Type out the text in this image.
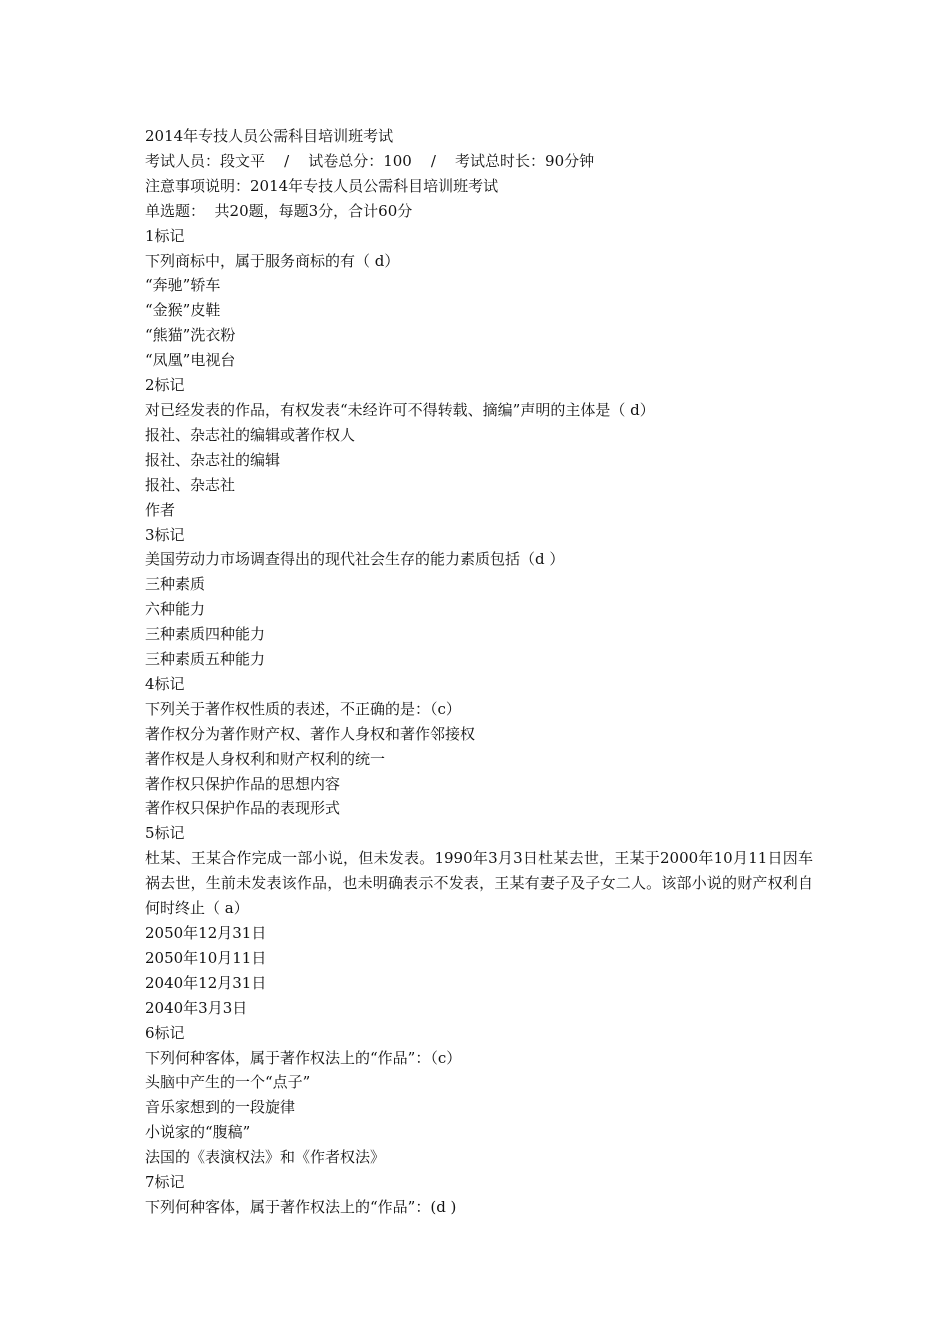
2014年专技人员公需科目培训班考试

考试人员：段文平    /    试卷总分：100    /    考试总时长：90分钟

注意事项说明：2014年专技人员公需科目培训班考试

单选题：  共20题，每题3分，合计60分

1标记

下列商标中，属于服务商标的有（ d）

“奔驰”轿车

“金猴”皮鞋

“熊猫”洗衣粉

“凤凰”电视台

2标记

对已经发表的作品，有权发表“未经许可不得转载、摘编”声明的主体是（ d）

报社、杂志社的编辑或著作权人

报社、杂志社的编辑

报社、杂志社

作者

3标记

美国劳动力市场调查得出的现代社会生存的能力素质包括（d ）

三种素质

六种能力

三种素质四种能力

三种素质五种能力

4标记

下列关于著作权性质的表述，不正确的是：（c）

著作权分为著作财产权、著作人身权和著作邻接权

著作权是人身权利和财产权利的统一

著作权只保护作品的思想内容

著作权只保护作品的表现形式

5标记

杜某、王某合作完成一部小说，但未发表。1990年3月3日杜某去世，王某于2000年10月11日因车祸去世，生前未发表该作品，也未明确表示不发表，王某有妻子及子女二人。该部小说的财产权利自何时终止（ a）

2050年12月31日

2050年10月11日

2040年12月31日

2040年3月3日

6标记

下列何种客体，属于著作权法上的“作品”：（c）

头脑中产生的一个“点子”

音乐家想到的一段旋律

小说家的“腹稿”

法国的《表演权法》和《作者权法》

7标记

下列何种客体，属于著作权法上的“作品”：(d )
